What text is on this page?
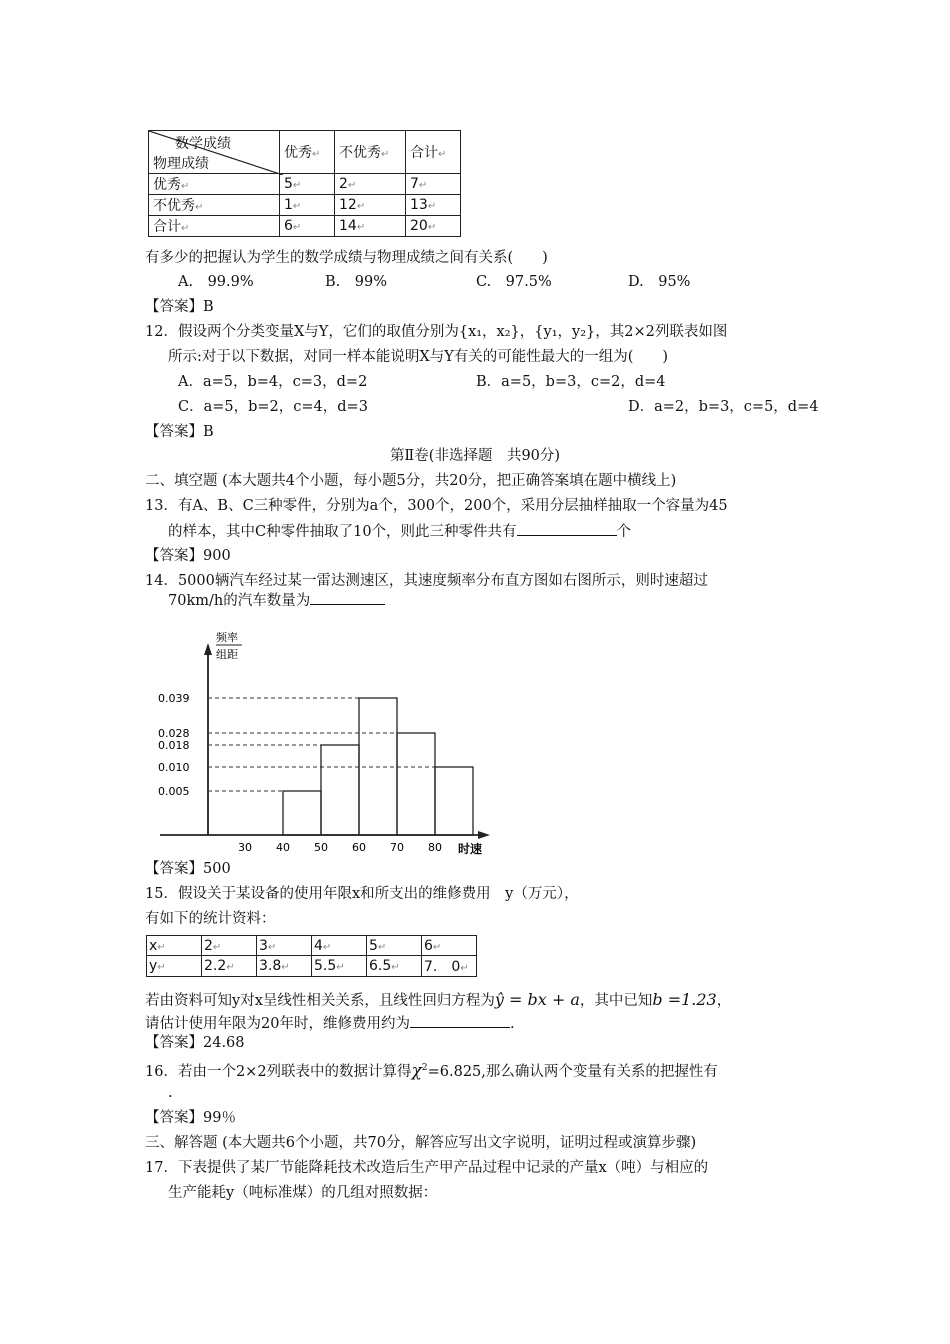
数学成绩
物理成绩	优秀↵	不优秀↵	合计↵
优秀↵	5↵	2↵	7↵
不优秀↵	1↵	12↵	13↵
合计↵	6↵	14↵	20↵
有多少的把握认为学生的数学成绩与物理成绩之间有关系(　　)
A.　99.9%	B.　99%	C.　97.5%	D.　95%
【答案】B
12．假设两个分类变量X与Y，它们的取值分别为{x₁，x₂}，{y₁，y₂}，其2×2列联表如图
所示:对于以下数据，对同一样本能说明X与Y有关的可能性最大的一组为(　　)
A．a=5，b=4，c=3，d=2	B．a=5，b=3，c=2，d=4
C．a=5，b=2，c=4，d=3	D．a=2，b=3，c=5，d=4
【答案】B
第Ⅱ卷(非选择题　共90分)
二、填空题 (本大题共4个小题，每小题5分，共20分，把正确答案填在题中横线上)
13．有A、B、C三种零件，分别为a个，300个，200个，采用分层抽样抽取一个容量为45
的样本，其中C种零件抽取了10个，则此三种零件共有	个
【答案】900
14．5000辆汽车经过某一雷达测速区，其速度频率分布直方图如右图所示，则时速超过
70km/h的汽车数量为
频率
组距
0.039
0.028
0.018
0.010
0.005
30 40 50 60 70 80 时速
【答案】500
15．假设关于某设备的使用年限x和所支出的维修费用　y（万元），
有如下的统计资料：
x↵	2↵	3↵	4↵	5↵	6↵
y↵	2.2↵	3.8↵	5.5↵	6.5↵	7.　0↵
若由资料可知y对x呈线性相关关系，且线性回归方程为ŷ = bx + a，其中已知b =1.23，
请估计使用年限为20年时，维修费用约为	.
【答案】24.68
16．若由一个2×2列联表中的数据计算得$\chi^2=6.825$,那么确认两个变量有关系的把握性有
.
【答案】99％
三、解答题 (本大题共6个小题，共70分，解答应写出文字说明，证明过程或演算步骤)
17．下表提供了某厂节能降耗技术改造后生产甲产品过程中记录的产量x（吨）与相应的
生产能耗y（吨标准煤）的几组对照数据：
